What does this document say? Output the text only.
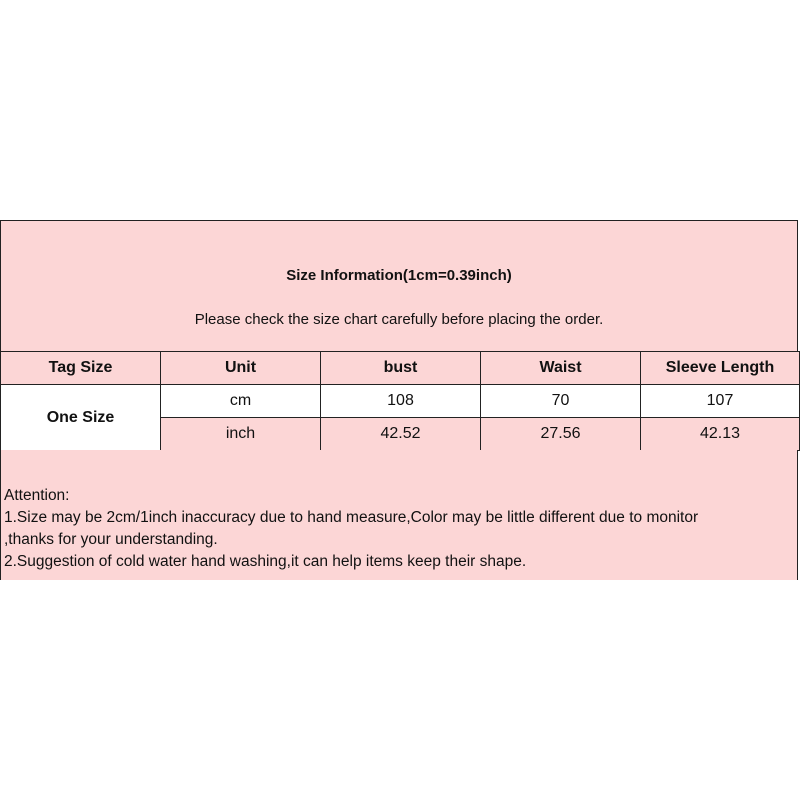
Size Information(1cm=0.39inch)
Please check the size chart carefully before placing the order.
Tag Size	Unit	bust	Waist	Sleeve Length
One Size	cm	108	70	107
	inch	42.52	27.56	42.13
Attention:
1.Size may be 2cm/1inch inaccuracy due to hand measure,Color may be little different due to monitor
,thanks for your understanding.
2.Suggestion of cold water hand washing,it can help items keep their shape.
